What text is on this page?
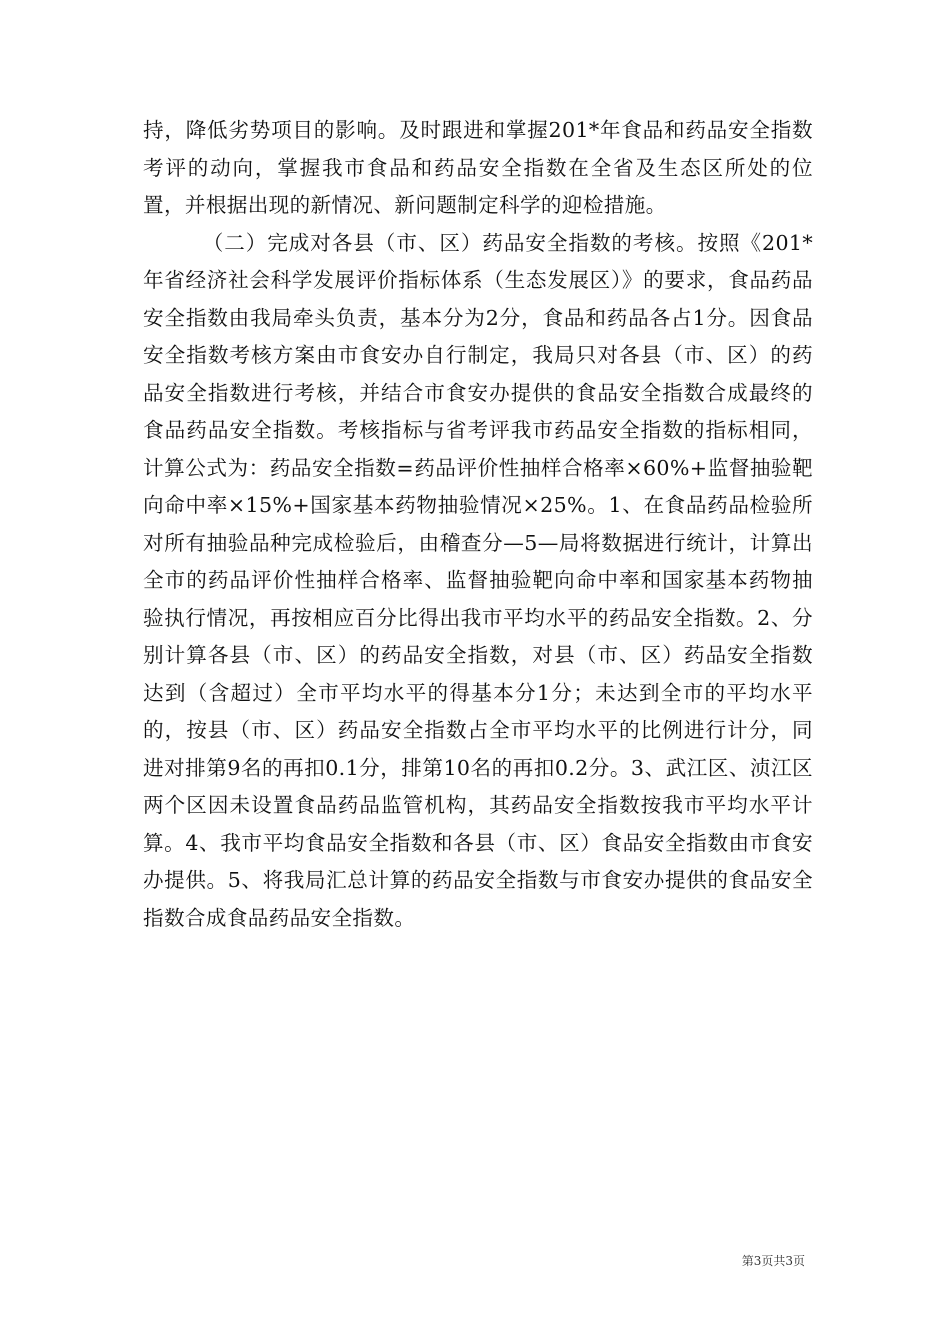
持，降低劣势项目的影响。及时跟进和掌握201*年食品和药品安全指数考评的动向，掌握我市食品和药品安全指数在全省及生态区所处的位置，并根据出现的新情况、新问题制定科学的迎检措施。

（二）完成对各县（市、区）药品安全指数的考核。按照《201*年省经济社会科学发展评价指标体系（生态发展区）》的要求，食品药品安全指数由我局牵头负责，基本分为2分，食品和药品各占1分。因食品安全指数考核方案由市食安办自行制定，我局只对各县（市、区）的药品安全指数进行考核，并结合市食安办提供的食品安全指数合成最终的食品药品安全指数。考核指标与省考评我市药品安全指数的指标相同，计算公式为：药品安全指数=药品评价性抽样合格率×60%+监督抽验靶向命中率×15%+国家基本药物抽验情况×25%。1、在食品药品检验所对所有抽验品种完成检验后，由稽查分—5—局将数据进行统计，计算出全市的药品评价性抽样合格率、监督抽验靶向命中率和国家基本药物抽验执行情况，再按相应百分比得出我市平均水平的药品安全指数。2、分别计算各县（市、区）的药品安全指数，对县（市、区）药品安全指数达到（含超过）全市平均水平的得基本分1分；未达到全市的平均水平的，按县（市、区）药品安全指数占全市平均水平的比例进行计分，同进对排第9名的再扣0.1分，排第10名的再扣0.2分。3、武江区、浈江区两个区因未设置食品药品监管机构，其药品安全指数按我市平均水平计算。4、我市平均食品安全指数和各县（市、区）食品安全指数由市食安办提供。5、将我局汇总计算的药品安全指数与市食安办提供的食品安全指数合成食品药品安全指数。

第3页共3页
